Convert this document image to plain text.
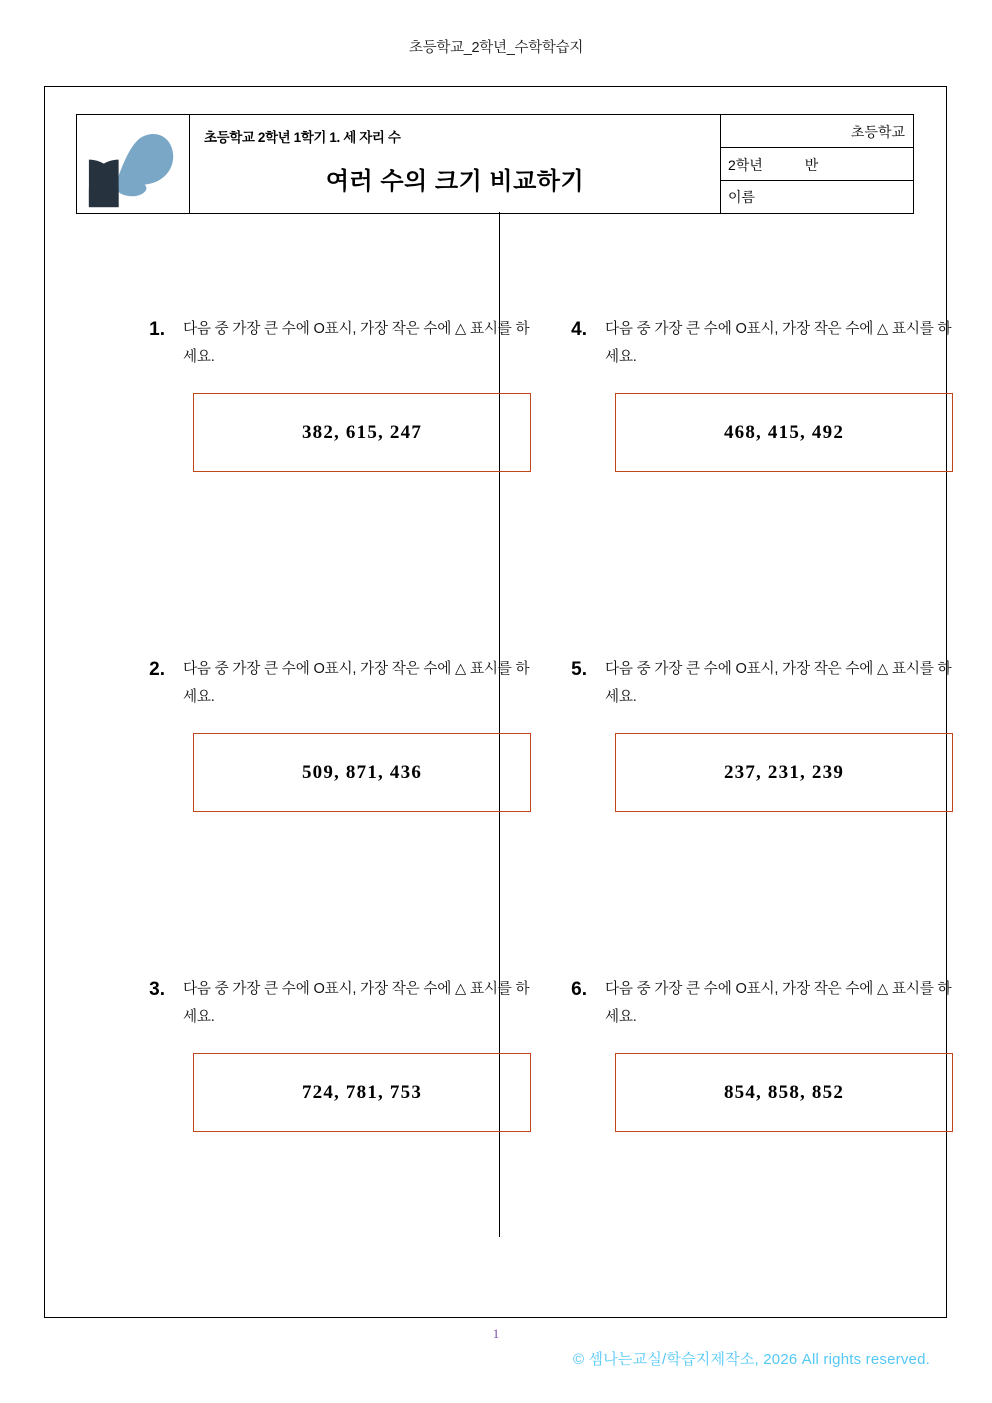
초등학교_2학년_수학학습지
초등학교 2학년 1학기 1. 세 자리 수
여러 수의 크기 비교하기
초등학교
2학년	반
이름
1. 다음 중 가장 큰 수에 O표시, 가장 작은 수에 △ 표시를 하세요.
382, 615, 247
2. 다음 중 가장 큰 수에 O표시, 가장 작은 수에 △ 표시를 하세요.
509, 871, 436
3. 다음 중 가장 큰 수에 O표시, 가장 작은 수에 △ 표시를 하세요.
724, 781, 753
4. 다음 중 가장 큰 수에 O표시, 가장 작은 수에 △ 표시를 하세요.
468, 415, 492
5. 다음 중 가장 큰 수에 O표시, 가장 작은 수에 △ 표시를 하세요.
237, 231, 239
6. 다음 중 가장 큰 수에 O표시, 가장 작은 수에 △ 표시를 하세요.
854, 858, 852
1
© 셈나는교실/학습지제작소, 2026 All rights reserved.
